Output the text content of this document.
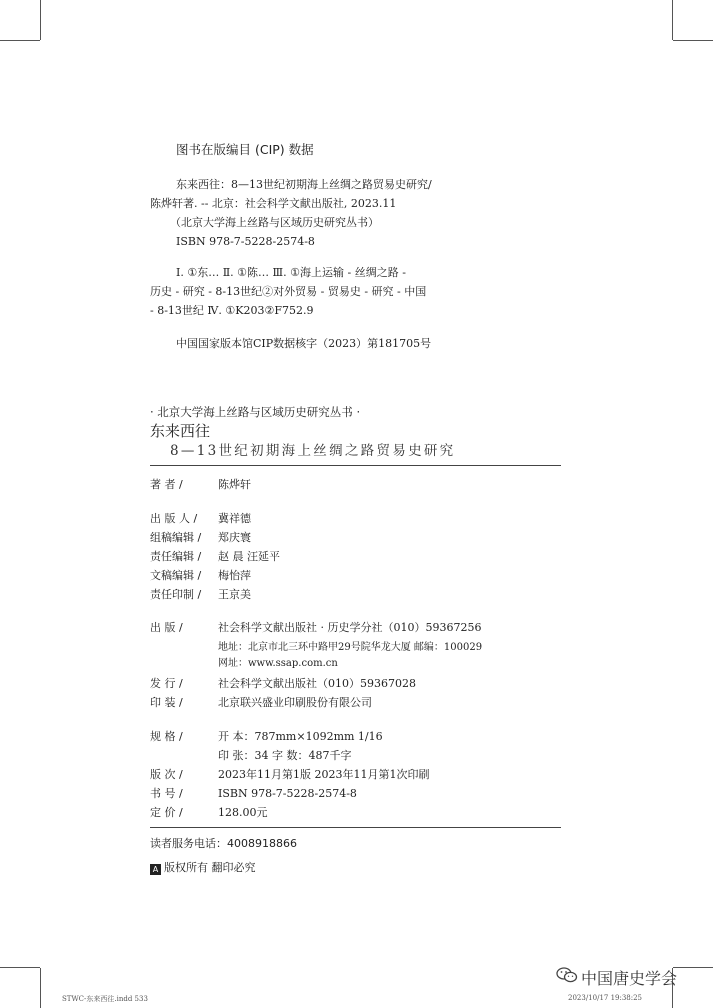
图书在版编目 (CIP) 数据
东来西往：8—13世纪初期海上丝绸之路贸易史研究/
陈烨轩著. -- 北京：社会科学文献出版社, 2023.11
（北京大学海上丝路与区域历史研究丛书）
ISBN 978-7-5228-2574-8
Ⅰ. ①东… Ⅱ. ①陈… Ⅲ. ①海上运输 - 丝绸之路 -
历史 - 研究 - 8-13世纪②对外贸易 - 贸易史 - 研究 - 中国
- 8-13世纪 Ⅳ. ①K203②F752.9
中国国家版本馆CIP数据核字（2023）第181705号
· 北京大学海上丝路与区域历史研究丛书 ·
东来西往
8—13世纪初期海上丝绸之路贸易史研究
著 者 /	陈烨轩
出 版 人 / 冀祥德
组稿编辑 / 郑庆寰
责任编辑 / 赵 晨 汪延平
文稿编辑 / 梅怡萍
责任印制 / 王京美
出 版 /	社会科学文献出版社 · 历史学分社（010）59367256
地址：北京市北三环中路甲29号院华龙大厦 邮编：100029
网址：www.ssap.com.cn
发 行 /	社会科学文献出版社（010）59367028
印 装 /	北京联兴盛业印刷股份有限公司
规 格 /	开 本：787mm×1092mm 1/16
印 张：34 字 数：487千字
版 次 /	2023年11月第1版 2023年11月第1次印刷
书 号 /	ISBN 978-7-5228-2574-8
定 价 /	128.00元
读者服务电话：4008918866
A 版权所有 翻印必究
STWC-东来西往.indd 533	2023/10/17 19:38:25
中国唐史学会
